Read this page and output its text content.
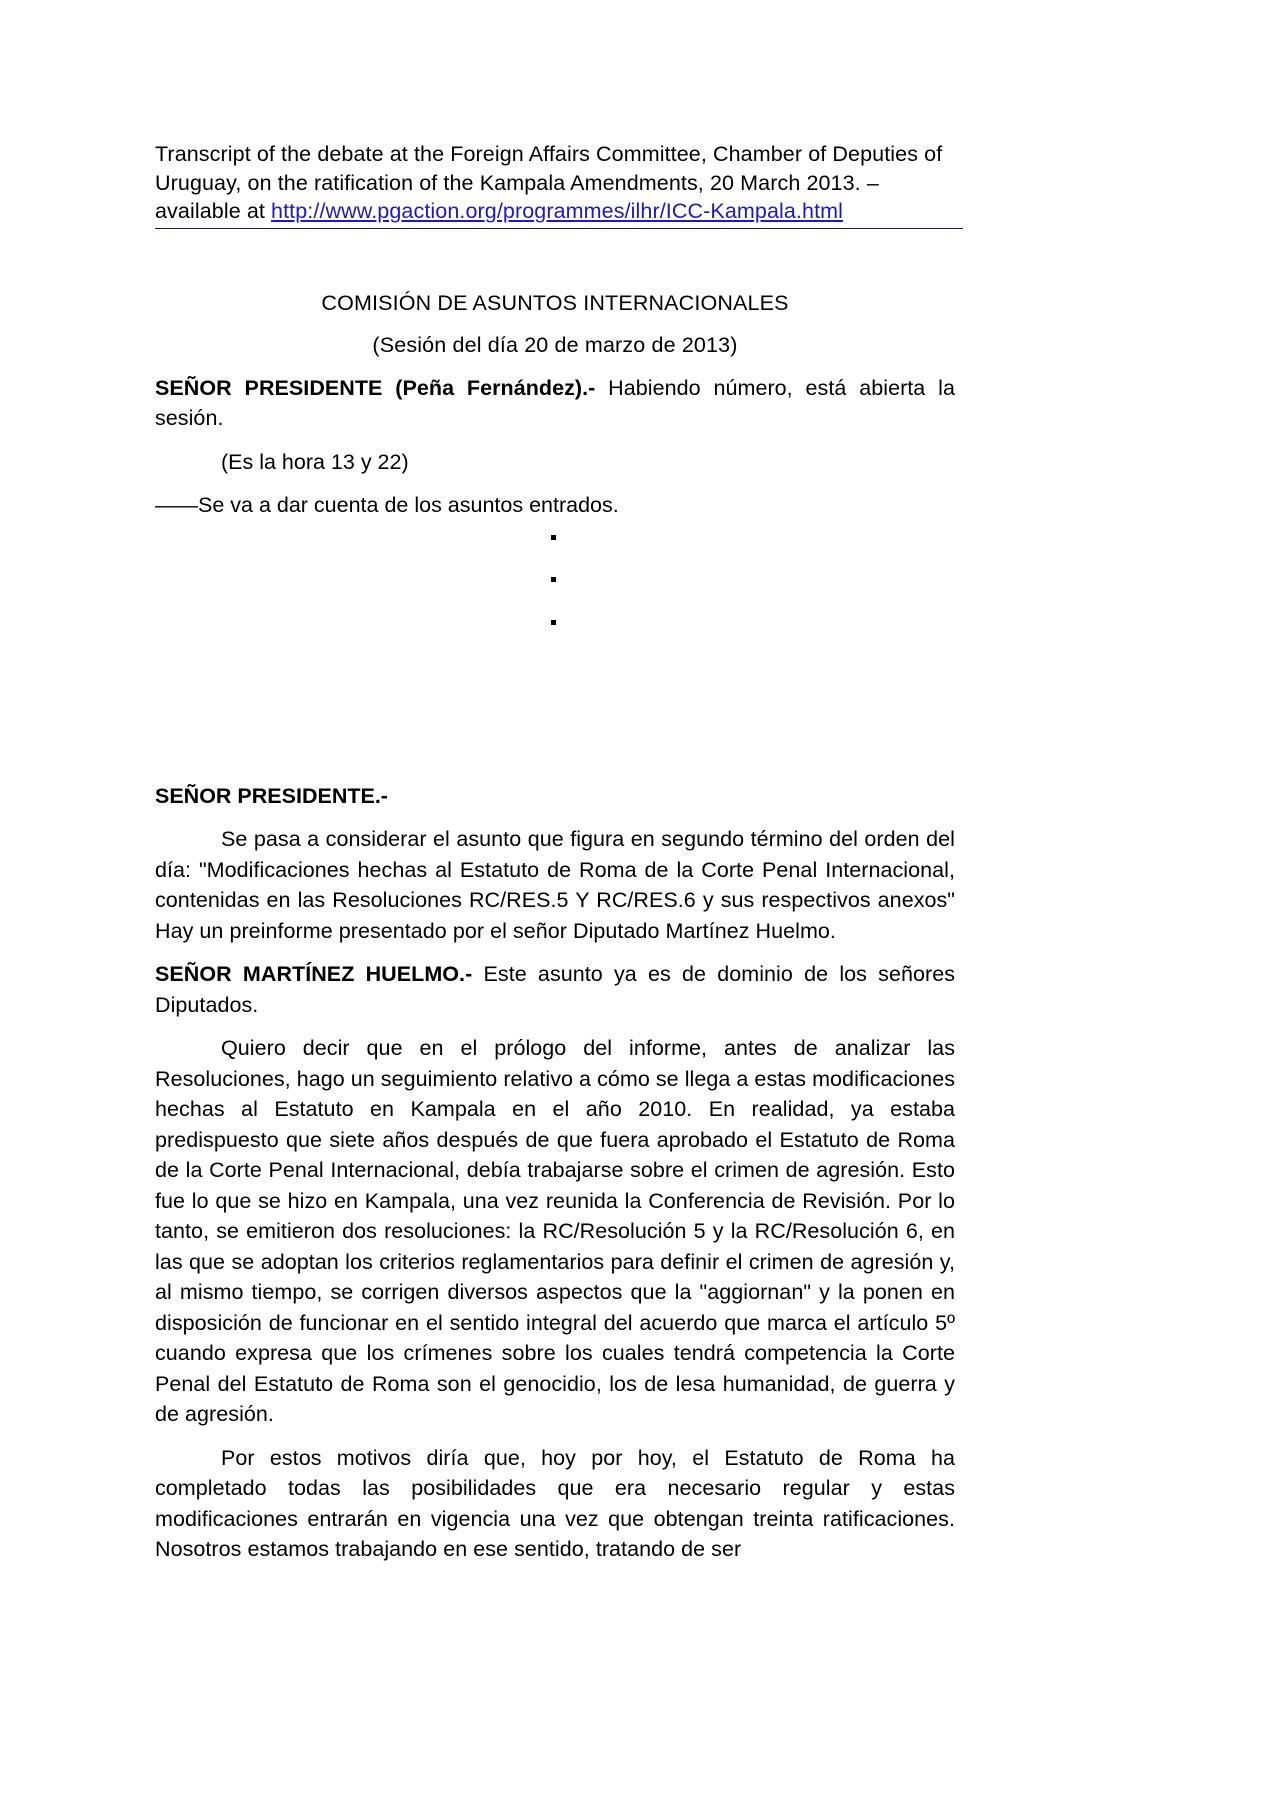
Transcript of the debate at the Foreign Affairs Committee, Chamber of Deputies of Uruguay, on the ratification of the Kampala Amendments, 20 March 2013. – available at http://www.pgaction.org/programmes/ilhr/ICC-Kampala.html
COMISIÓN DE ASUNTOS INTERNACIONALES
(Sesión del día 20 de marzo de 2013)

SEÑOR PRESIDENTE (Peña Fernández).- Habiendo número, está abierta la sesión.

(Es la hora 13 y 22)
——Se va a dar cuenta de los asuntos entrados.
SEÑOR PRESIDENTE.-

Se pasa a considerar el asunto que figura en segundo término del orden del día: "Modificaciones hechas al Estatuto de Roma de la Corte Penal Internacional, contenidas en las Resoluciones RC/RES.5 Y RC/RES.6 y sus respectivos anexos" Hay un preinforme presentado por el señor Diputado Martínez Huelmo.

SEÑOR MARTÍNEZ HUELMO.- Este asunto ya es de dominio de los señores Diputados.

Quiero decir que en el prólogo del informe, antes de analizar las Resoluciones, hago un seguimiento relativo a cómo se llega a estas modificaciones hechas al Estatuto en Kampala en el año 2010. En realidad, ya estaba predispuesto que siete años después de que fuera aprobado el Estatuto de Roma de la Corte Penal Internacional, debía trabajarse sobre el crimen de agresión. Esto fue lo que se hizo en Kampala, una vez reunida la Conferencia de Revisión. Por lo tanto, se emitieron dos resoluciones: la RC/Resolución 5 y la RC/Resolución 6, en las que se adoptan los criterios reglamentarios para definir el crimen de agresión y, al mismo tiempo, se corrigen diversos aspectos que la "aggiornan" y la ponen en disposición de funcionar en el sentido integral del acuerdo que marca el artículo 5º cuando expresa que los crímenes sobre los cuales tendrá competencia la Corte Penal del Estatuto de Roma son el genocidio, los de lesa humanidad, de guerra y de agresión.

Por estos motivos diría que, hoy por hoy, el Estatuto de Roma ha completado todas las posibilidades que era necesario regular y estas modificaciones entrarán en vigencia una vez que obtengan treinta ratificaciones. Nosotros estamos trabajando en ese sentido, tratando de ser
